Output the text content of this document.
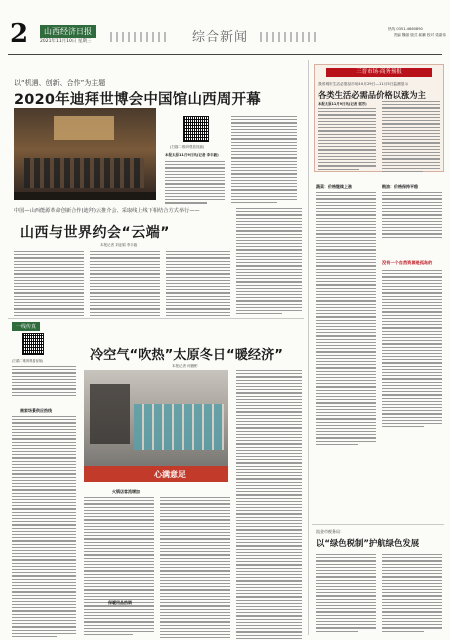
2	山西经济日报
2021年11月10日 星期三	综合新闻
热线 0351-4660890
责编 魏丽 版式 郝鹏 校对 梁嘉伟
以“机遇、创新、合作”为主题
2020年迪拜世博会中国馆山西周开幕
(扫描二维码观看视频)
本报太原11月9日讯(记者 李丰毅)
中国—山西能源革命创新合作(迪拜)云推介会、采取线上线下相结合方式举行——
山西与世界约会“云端”
本报记者 刘亚娟 李丰毅
三晋市场·商务预报
我省城市生活必需品市场10月29日—11月5日监测显示
各类生活必需品价格以涨为主
本报太原11月9日讯(记者 郭芳)
蔬菜：价格继续上涨	粮油：价格保持平稳
没有一个自然资源是孤岛的
一线传真
(扫描二维码观看视频)	冷空气“吹热”太原冬日“暖经济”
本报记者 何薇彬
商家场景供应热线
心满意足
火锅店客流增加
保暖用品热销
流金市税务局：
以“绿色税制”护航绿色发展
